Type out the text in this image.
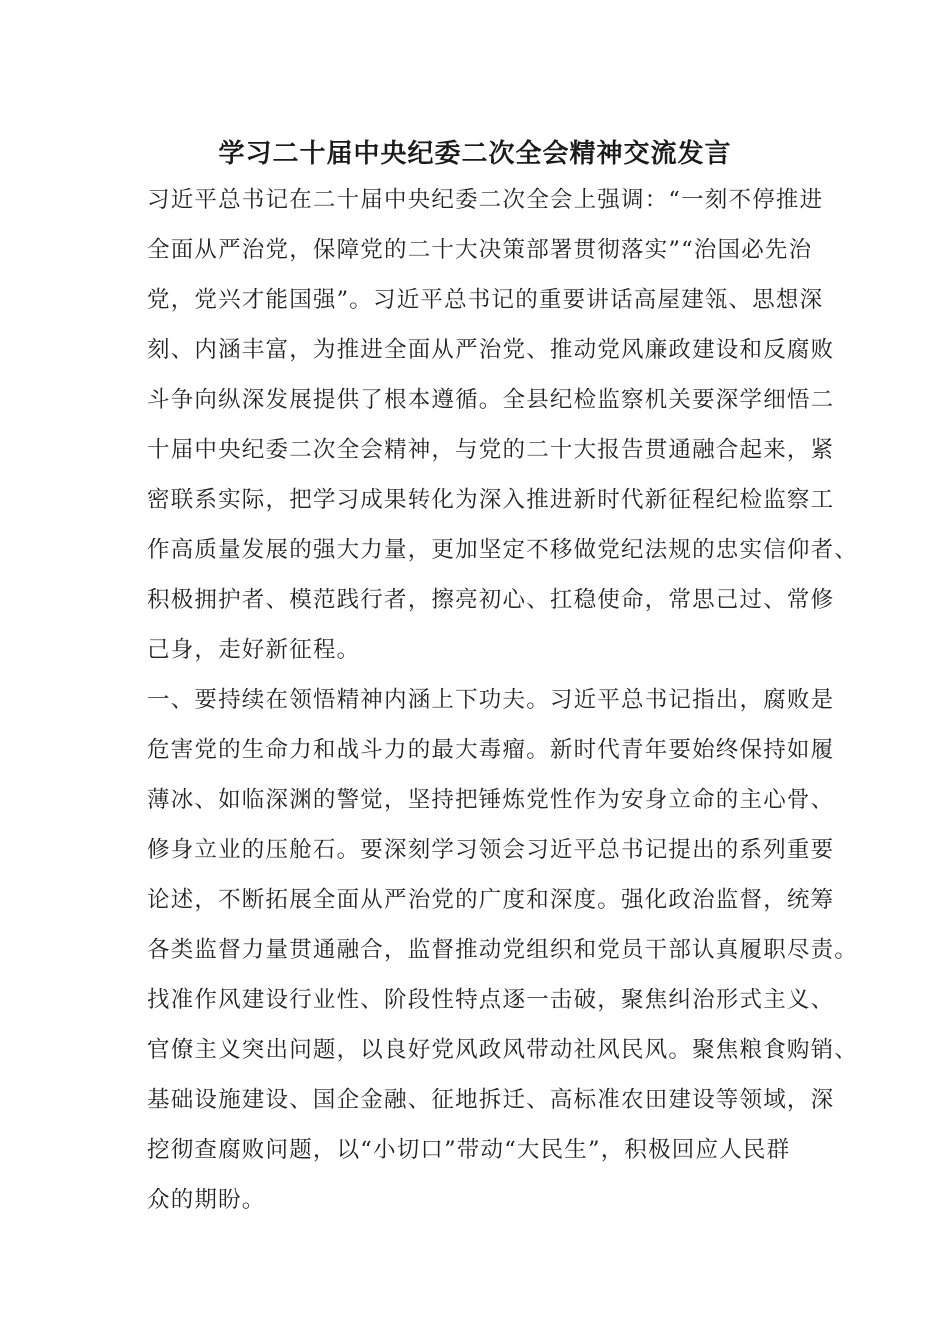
学习二十届中央纪委二次全会精神交流发言
习近平总书记在二十届中央纪委二次全会上强调：“一刻不停推进
全面从严治党，保障党的二十大决策部署贯彻落实”“治国必先治
党，党兴才能国强”。习近平总书记的重要讲话高屋建瓴、思想深
刻、内涵丰富，为推进全面从严治党、推动党风廉政建设和反腐败
斗争向纵深发展提供了根本遵循。全县纪检监察机关要深学细悟二
十届中央纪委二次全会精神，与党的二十大报告贯通融合起来，紧
密联系实际，把学习成果转化为深入推进新时代新征程纪检监察工
作高质量发展的强大力量，更加坚定不移做党纪法规的忠实信仰者、
积极拥护者、模范践行者，擦亮初心、扛稳使命，常思己过、常修
己身，走好新征程。
一、要持续在领悟精神内涵上下功夫。习近平总书记指出，腐败是
危害党的生命力和战斗力的最大毒瘤。新时代青年要始终保持如履
薄冰、如临深渊的警觉，坚持把锤炼党性作为安身立命的主心骨、
修身立业的压舱石。要深刻学习领会习近平总书记提出的系列重要
论述，不断拓展全面从严治党的广度和深度。强化政治监督，统筹
各类监督力量贯通融合，监督推动党组织和党员干部认真履职尽责。
找准作风建设行业性、阶段性特点逐一击破，聚焦纠治形式主义、
官僚主义突出问题，以良好党风政风带动社风民风。聚焦粮食购销、
基础设施建设、国企金融、征地拆迁、高标准农田建设等领域，深
挖彻查腐败问题，以“小切口”带动“大民生”，积极回应人民群
众的期盼。
